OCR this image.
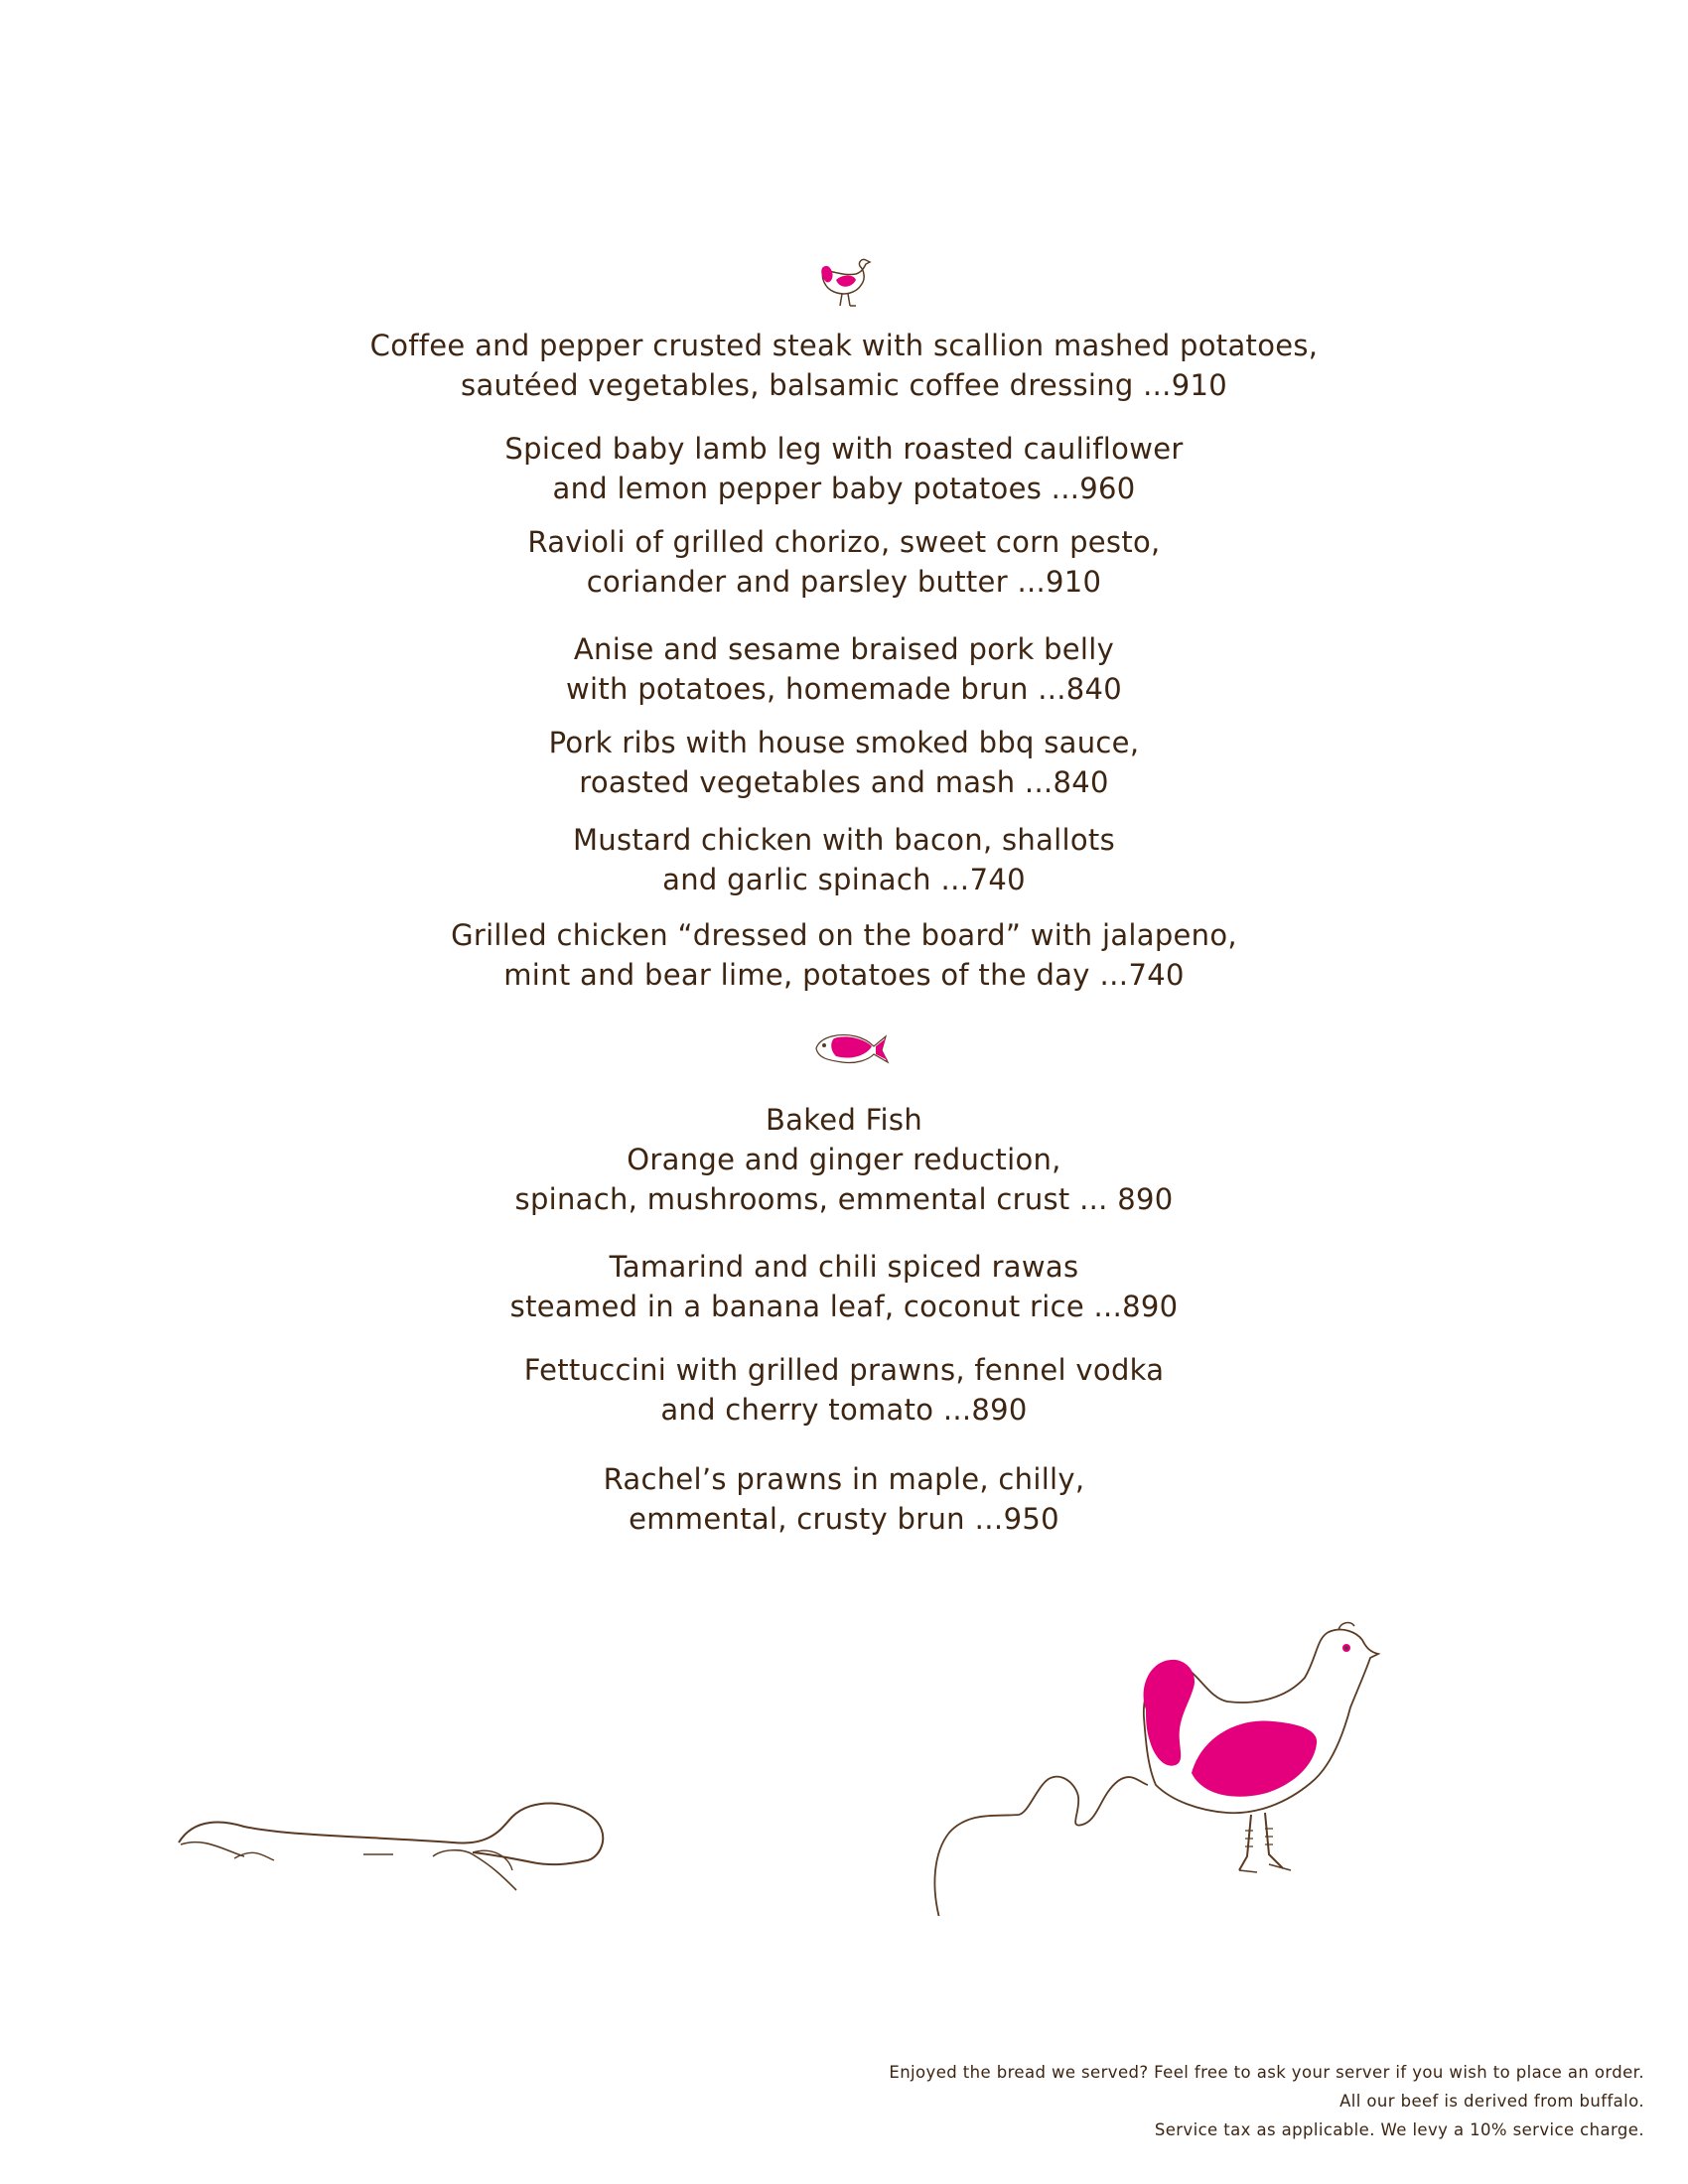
Coffee and pepper crusted steak with scallion mashed potatoes,
sautéed vegetables, balsamic coffee dressing ...910
Spiced baby lamb leg with roasted cauliflower
and lemon pepper baby potatoes ...960
Ravioli of grilled chorizo, sweet corn pesto,
coriander and parsley butter ...910
Anise and sesame braised pork belly
with potatoes, homemade brun ...840
Pork ribs with house smoked bbq sauce,
roasted vegetables and mash ...840
Mustard chicken with bacon, shallots
and garlic spinach …740
Grilled chicken “dressed on the board” with jalapeno,
mint and bear lime, potatoes of the day …740
Baked Fish
Orange and ginger reduction,
spinach, mushrooms, emmental crust ... 890
Tamarind and chili spiced rawas
steamed in a banana leaf, coconut rice ...890
Fettuccini with grilled prawns, fennel vodka
and cherry tomato ...890
Rachel’s prawns in maple, chilly,
emmental, crusty brun …950
Enjoyed the bread we served? Feel free to ask your server if you wish to place an order.
All our beef is derived from buffalo.
Service tax as applicable. We levy a 10% service charge.
